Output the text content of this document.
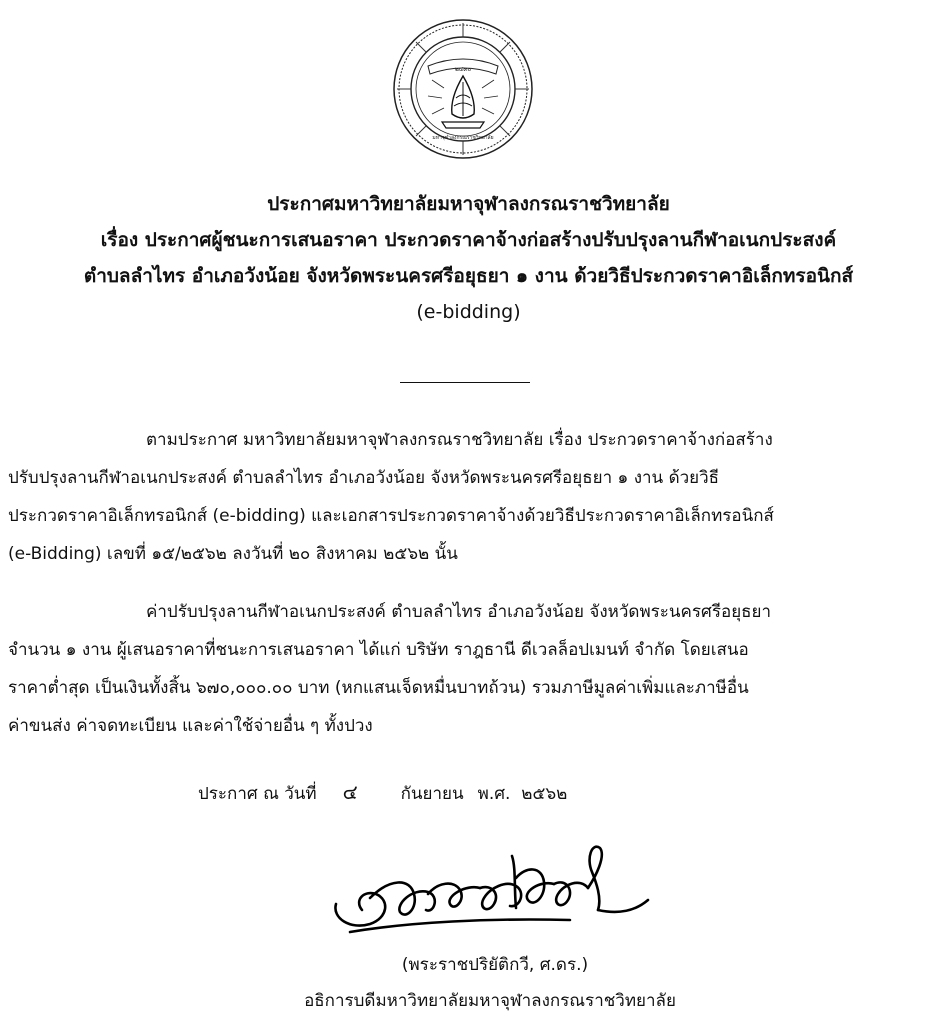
๒๔๓๐
มหาจุฬาลงกรณราชวิทยาลัย
ประกาศมหาวิทยาลัยมหาจุฬาลงกรณราชวิทยาลัย
เรื่อง ประกาศผู้ชนะการเสนอราคา ประกวดราคาจ้างก่อสร้างปรับปรุงลานกีฬาอเนกประสงค์
ตำบลลำไทร อำเภอวังน้อย จังหวัดพระนครศรีอยุธยา ๑ งาน ด้วยวิธีประกวดราคาอิเล็กทรอนิกส์
(e-bidding)
ตามประกาศ มหาวิทยาลัยมหาจุฬาลงกรณราชวิทยาลัย เรื่อง ประกวดราคาจ้างก่อสร้าง
ปรับปรุงลานกีฬาอเนกประสงค์ ตำบลลำไทร อำเภอวังน้อย จังหวัดพระนครศรีอยุธยา ๑ งาน ด้วยวิธี
ประกวดราคาอิเล็กทรอนิกส์ (e-bidding) และเอกสารประกวดราคาจ้างด้วยวิธีประกวดราคาอิเล็กทรอนิกส์
(e-Bidding) เลขที่ ๑๕/๒๕๖๒ ลงวันที่ ๒๐ สิงหาคม ๒๕๖๒ นั้น
ค่าปรับปรุงลานกีฬาอเนกประสงค์ ตำบลลำไทร อำเภอวังน้อย จังหวัดพระนครศรีอยุธยา
จำนวน ๑ งาน ผู้เสนอราคาที่ชนะการเสนอราคา ได้แก่ บริษัท ราฎธานี ดีเวลล็อปเมนท์ จำกัด โดยเสนอ
ราคาต่ำสุด เป็นเงินทั้งสิ้น ๖๗๐,๐๐๐.๐๐ บาท (หกแสนเจ็ดหมื่นบาทถ้วน) รวมภาษีมูลค่าเพิ่มและภาษีอื่น
ค่าขนส่ง ค่าจดทะเบียน และค่าใช้จ่ายอื่น ๆ ทั้งปวง
ประกาศ ณ วันที่ ๔	กันยายน พ.ศ. ๒๕๖๒
(พระราชปริยัติกวี, ศ.ดร.)
อธิการบดีมหาวิทยาลัยมหาจุฬาลงกรณราชวิทยาลัย
